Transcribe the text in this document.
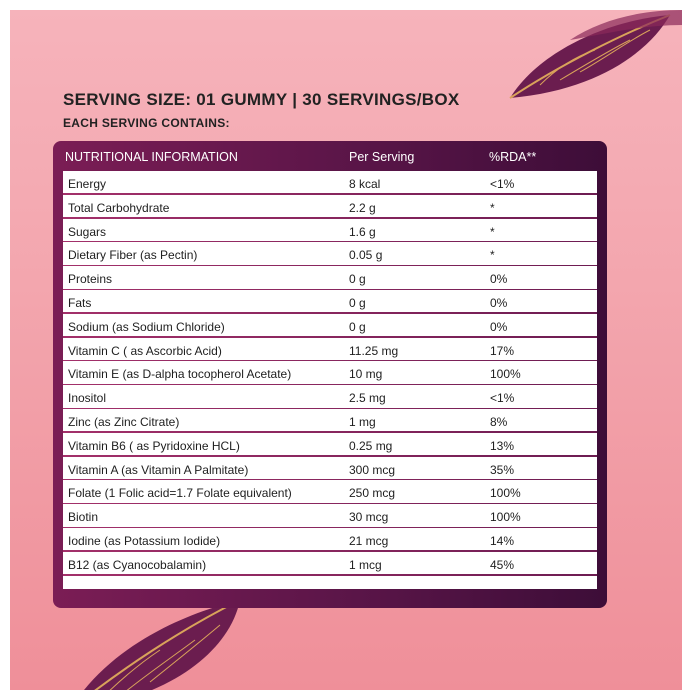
SERVING SIZE: 01 GUMMY | 30 SERVINGS/BOX
EACH SERVING CONTAINS:
NUTRITIONAL INFORMATION	Per Serving	%RDA**
Energy	8 kcal	<1%
Total Carbohydrate	2.2 g	*
Sugars	1.6 g	*
Dietary Fiber (as Pectin)	0.05 g	*
Proteins	0 g	0%
Fats	0 g	0%
Sodium (as Sodium Chloride)	0 g	0%
Vitamin C ( as Ascorbic Acid)	11.25 mg	17%
Vitamin E (as D-alpha tocopherol Acetate)	10 mg	100%
Inositol	2.5 mg	<1%
Zinc (as Zinc Citrate)	1 mg	8%
Vitamin B6 ( as Pyridoxine HCL)	0.25 mg	13%
Vitamin A (as Vitamin A Palmitate)	300 mcg	35%
Folate (1 Folic acid=1.7 Folate equivalent)	250 mcg	100%
Biotin	30 mcg	100%
Iodine (as Potassium Iodide)	21 mcg	14%
B12 (as Cyanocobalamin)	1 mcg	45%
